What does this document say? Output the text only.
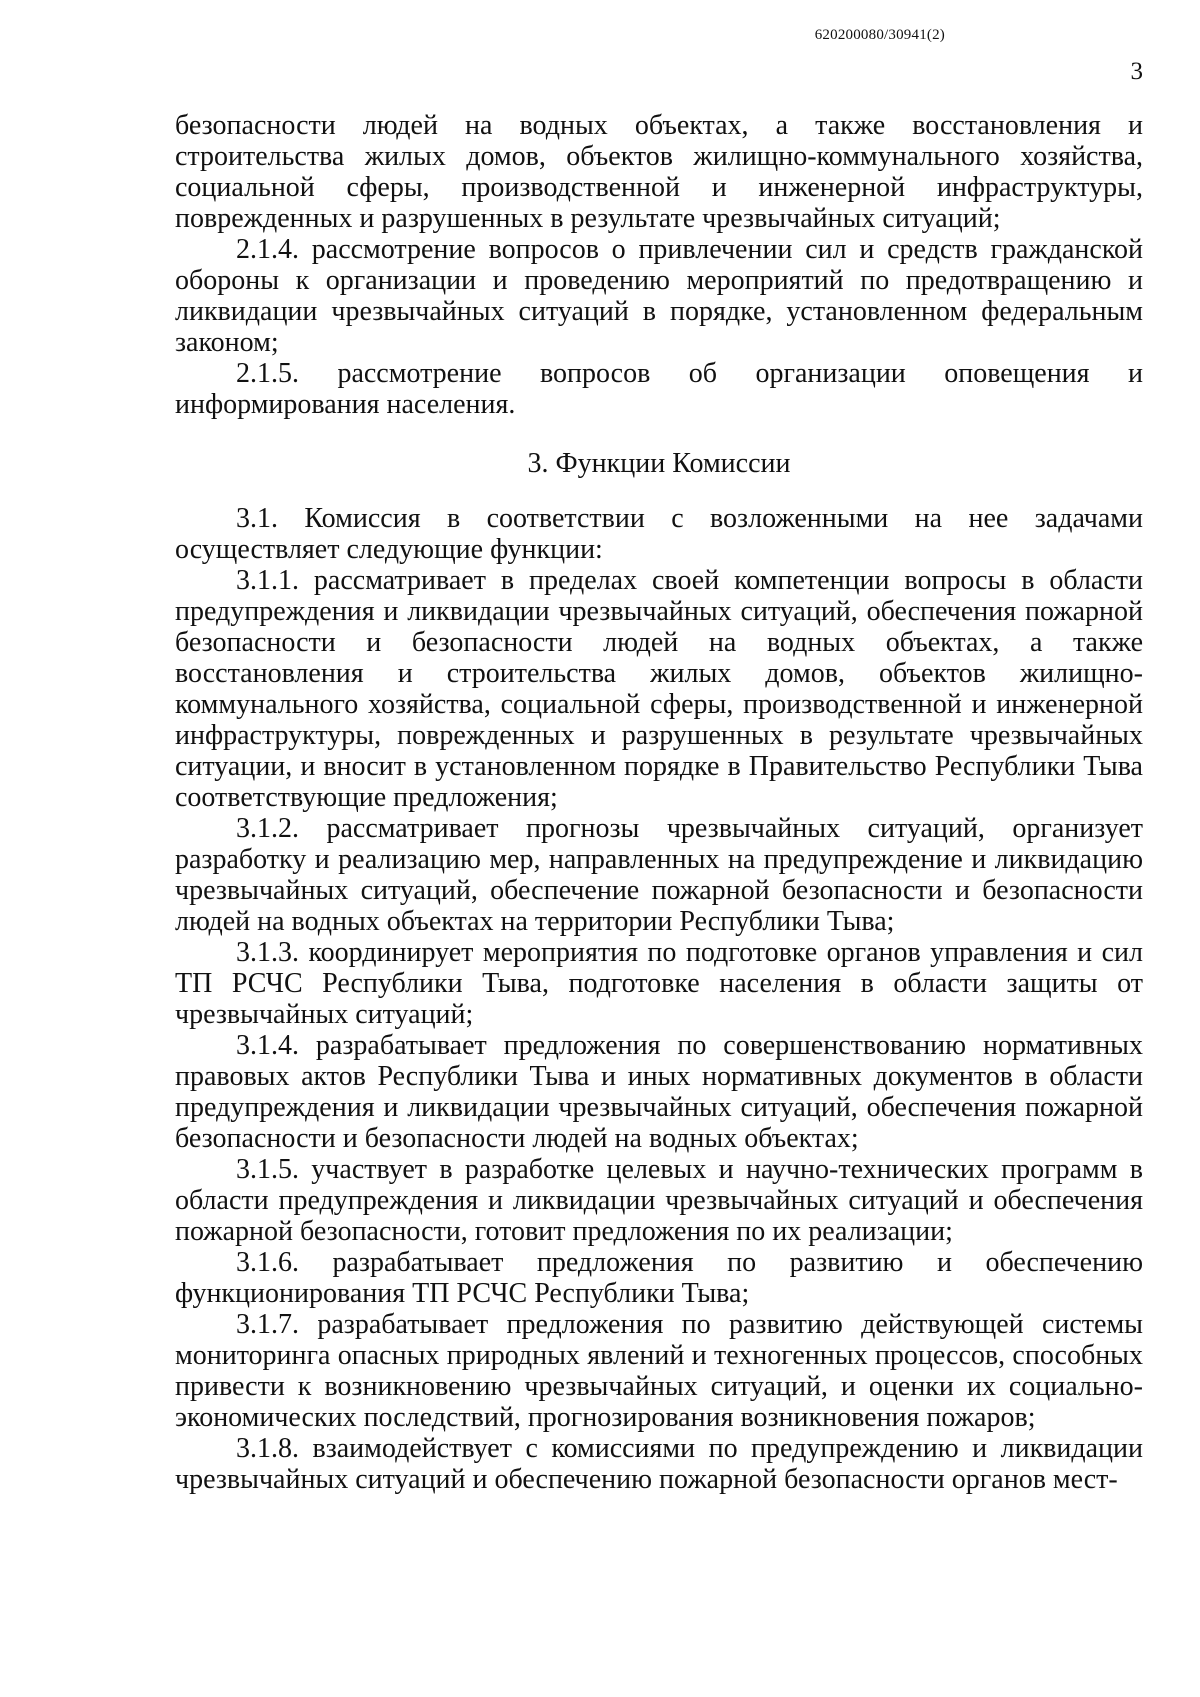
620200080/30941(2)
3

безопасности людей на водных объектах, а также восстановления и строительства жилых домов, объектов жилищно-коммунального хозяйства, социальной сферы, производственной и инженерной инфраструктуры, поврежденных и разрушенных в результате чрезвычайных ситуаций;

2.1.4. рассмотрение вопросов о привлечении сил и средств гражданской обороны к организации и проведению мероприятий по предотвращению и ликвидации чрезвычайных ситуаций в порядке, установленном федеральным законом;

2.1.5. рассмотрение вопросов об организации оповещения и информирования населения.

3. Функции Комиссии

3.1. Комиссия в соответствии с возложенными на нее задачами осуществляет следующие функции:

3.1.1. рассматривает в пределах своей компетенции вопросы в области предупреждения и ликвидации чрезвычайных ситуаций, обеспечения пожарной безопасности и безопасности людей на водных объектах, а также восстановления и строительства жилых домов, объектов жилищно-коммунального хозяйства, социальной сферы, производственной и инженерной инфраструктуры, поврежденных и разрушенных в результате чрезвычайных ситуации, и вносит в установленном порядке в Правительство Республики Тыва соответствующие предложения;

3.1.2. рассматривает прогнозы чрезвычайных ситуаций, организует разработку и реализацию мер, направленных на предупреждение и ликвидацию чрезвычайных ситуаций, обеспечение пожарной безопасности и безопасности людей на водных объектах на территории Республики Тыва;

3.1.3. координирует мероприятия по подготовке органов управления и сил ТП РСЧС Республики Тыва, подготовке населения в области защиты от чрезвычайных ситуаций;

3.1.4. разрабатывает предложения по совершенствованию нормативных правовых актов Республики Тыва и иных нормативных документов в области предупреждения и ликвидации чрезвычайных ситуаций, обеспечения пожарной безопасности и безопасности людей на водных объектах;

3.1.5. участвует в разработке целевых и научно-технических программ в области предупреждения и ликвидации чрезвычайных ситуаций и обеспечения пожарной безопасности, готовит предложения по их реализации;

3.1.6. разрабатывает предложения по развитию и обеспечению функционирования ТП РСЧС Республики Тыва;

3.1.7. разрабатывает предложения по развитию действующей системы мониторинга опасных природных явлений и техногенных процессов, способных привести к возникновению чрезвычайных ситуаций, и оценки их социально-экономических последствий, прогнозирования возникновения пожаров;

3.1.8. взаимодействует с комиссиями по предупреждению и ликвидации чрезвычайных ситуаций и обеспечению пожарной безопасности органов мест-
